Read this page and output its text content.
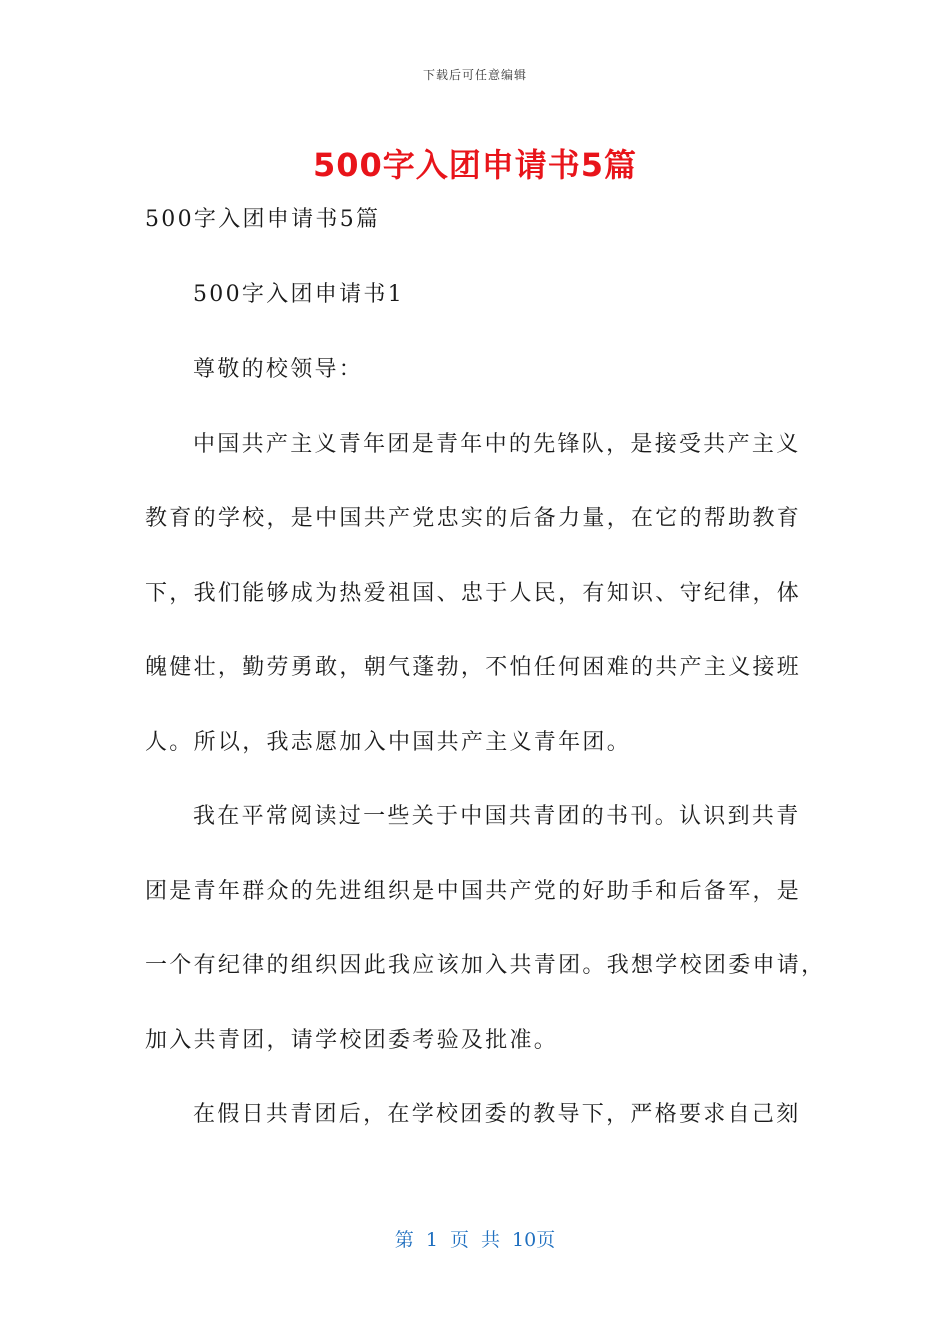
下载后可任意编辑
500字入团申请书5篇
500字入团申请书5篇
500字入团申请书1
尊敬的校领导：
中国共产主义青年团是青年中的先锋队，是接受共产主义
教育的学校，是中国共产党忠实的后备力量，在它的帮助教育
下，我们能够成为热爱祖国、忠于人民，有知识、守纪律，体
魄健壮，勤劳勇敢，朝气蓬勃，不怕任何困难的共产主义接班
人。所以，我志愿加入中国共产主义青年团。
我在平常阅读过一些关于中国共青团的书刊。认识到共青
团是青年群众的先进组织是中国共产党的好助手和后备军，是
一个有纪律的组织因此我应该加入共青团。我想学校团委申请，
加入共青团，请学校团委考验及批准。
在假日共青团后，在学校团委的教导下，严格要求自己刻
第 1 页 共 10页
